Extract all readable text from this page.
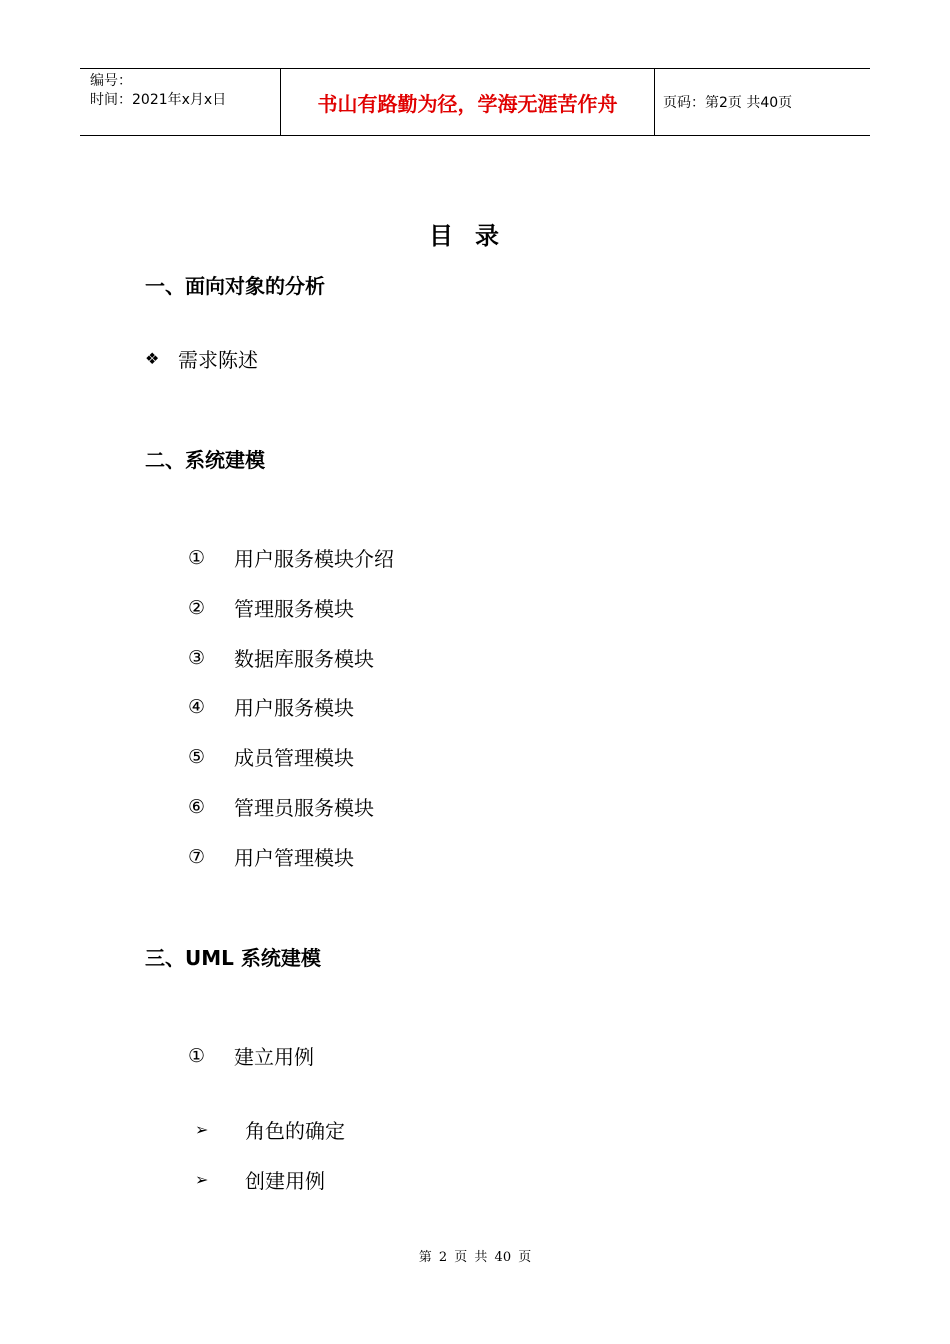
编号：
时间：2021年x月x日	书山有路勤为径，学海无涯苦作舟	页码：第2页 共40页
目录
一、面向对象的分析
❖ 需求陈述
二、系统建模
①	用户服务模块介绍
②	管理服务模块
③	数据库服务模块
④	用户服务模块
⑤	成员管理模块
⑥	管理员服务模块
⑦	用户管理模块
三、UML 系统建模
①	建立用例
➢	角色的确定
➢	创建用例
第 2 页 共 40 页
